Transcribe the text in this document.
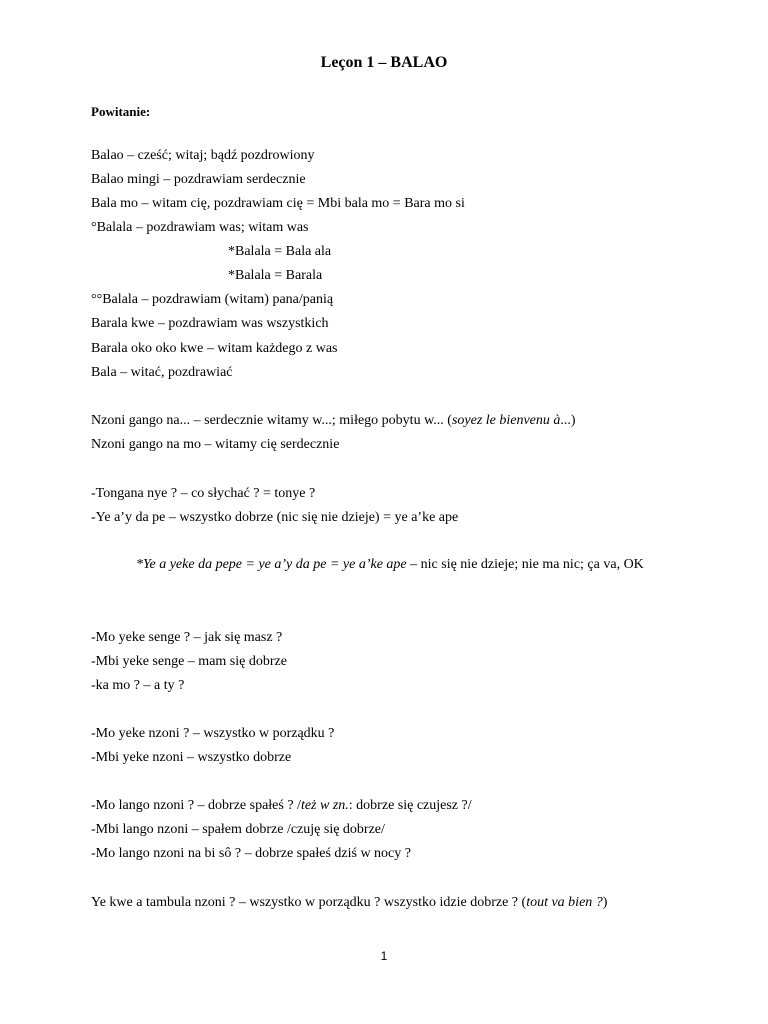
Leçon 1 – BALAO
Powitanie:
Balao – cześć; witaj; bądź pozdrowiony
Balao mingi – pozdrawiam serdecznie
Bala mo – witam cię, pozdrawiam cię = Mbi bala mo = Bara mo si
°Balala – pozdrawiam was; witam was
*Balala = Bala ala
*Balala = Barala
°°Balala – pozdrawiam (witam) pana/panią
Barala kwe – pozdrawiam was wszystkich
Barala oko oko kwe – witam każdego z was
Bala – witać, pozdrawiać
Nzoni gango na... – serdecznie witamy w...; miłego pobytu w... (soyez le bienvenu à...)
Nzoni gango na mo – witamy cię serdecznie
-Tongana nye ? – co słychać ? = tonye ?
-Ye a’y da pe – wszystko dobrze (nic się nie dzieje) = ye a’ke ape
*Ye a yeke da pepe = ye a’y da pe = ye a’ke ape – nic się nie dzieje; nie ma nic; ça va, OK
-Mo yeke senge ? – jak się masz ?
-Mbi yeke senge – mam się dobrze
-ka mo ? – a ty ?
-Mo yeke nzoni ? – wszystko w porządku ?
-Mbi yeke nzoni – wszystko dobrze
-Mo lango nzoni ? – dobrze spałeś ? /też w zn.: dobrze się czujesz ?/
-Mbi lango nzoni – spałem dobrze /czuję się dobrze/
-Mo lango nzoni na bi sô ? – dobrze spałeś dziś w nocy ?
Ye kwe a tambula nzoni ? – wszystko w porządku ? wszystko idzie dobrze ? (tout va bien ?)
1
